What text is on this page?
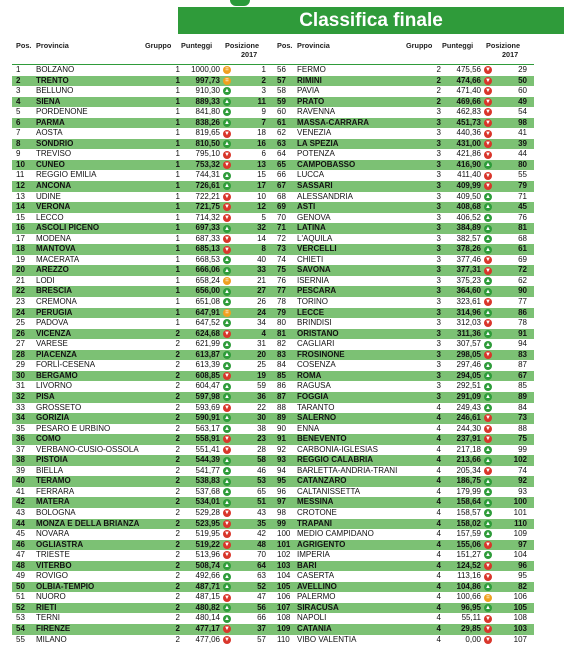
Classifica finale
Pos. Provincia	Gruppo Punteggi Posizione
2017
1	BOLZANO	1	1000,00 =	1
2	TRENTO	1	997,73 =	2
3	BELLUNO	1	910,30 ▲	3
4	SIENA	1	889,33 ▲	11
5	PORDENONE	1	841,80 ▲	9
6	PARMA	1	838,26 ▲	7
7	AOSTA	1	819,65 ▼	18
8	SONDRIO	1	810,50 ▲	16
9	TREVISO	1	795,10 ▼	6
10	CUNEO	1	753,32 ▼	13
11	REGGIO EMILIA	1	744,31 ▲	15
12	ANCONA	1	726,61 ▲	17
13	UDINE	1	722,21 ▼	10
14	VERONA	1	721,75 ▼	12
15	LECCO	1	714,32 ▼	5
16	ASCOLI PICENO	1	697,33 ▲	32
17	MODENA	1	687,33 ▼	14
18	MANTOVA	1	685,13 ▼	8
19	MACERATA	1	668,53 ▲	40
20	AREZZO	1	666,06 ▲	33
21	LODI	1	658,24 =	21
22	BRESCIA	1	656,00 ▲	27
23	CREMONA	1	651,08 ▲	26
24	PERUGIA	1	647,91 =	24
25	PADOVA	1	647,52 ▲	34
26	VICENZA	2	624,68 ▼	4
27	VARESE	2	621,99 ▲	31
28	PIACENZA	2	613,87 ▲	20
29	FORLÌ-CESENA	2	613,39 ▲	25
30	BERGAMO	2	608,85 ▼	19
31	LIVORNO	2	604,47 ▲	59
32	PISA	2	597,98 ▲	36
33	GROSSETO	2	593,69 ▼	22
34	GORIZIA	2	590,91 ▲	30
35	PESARO E URBINO	2	563,17 ▲	38
36	COMO	2	558,91 ▼	23
37	VERBANO-CUSIO-OSSOLA	2	551,41 ▼	28
38	PISTOIA	2	544,39 ▲	58
39	BIELLA	2	541,77 ▲	46
40	TERAMO	2	538,83 ▲	53
41	FERRARA	2	537,68 ▲	65
42	MATERA	2	534,01 ▲	51
43	BOLOGNA	2	529,28 ▼	43
44	MONZA E DELLA BRIANZA	2	523,95 ▼	35
45	NOVARA	2	519,95 ▼	42
46	OGLIASTRA	2	519,22 ▼	48
47	TRIESTE	2	513,96 ▼	70
48	VITERBO	2	508,74 ▲	64
49	ROVIGO	2	492,66 ▲	63
50	OLBIA-TEMPIO	2	487,71 ▲	52
51	NUORO	2	487,15 ▼	47
52	RIETI	2	480,82 ▲	56
53	TERNI	2	480,14 ▲	66
54	FIRENZE	2	477,17 ▼	37
55	MILANO	2	477,06 ▼	57
Pos. Provincia	Gruppo Punteggi Posizione
2017
56	FERMO	2	475,56 ▼	29
57	RIMINI	2	474,66 ▼	50
58	PAVIA	2	471,40 ▼	60
59	PRATO	2	469,66 ▼	49
60	RAVENNA	3	462,83 ▼	54
61	MASSA-CARRARA	3	451,73 ▼	98
62	VENEZIA	3	440,36 ▼	41
63	LA SPEZIA	3	431,00 ▼	39
64	POTENZA	3	421,86 ▼	44
65	CAMPOBASSO	3	416,90 ▲	80
66	LUCCA	3	411,40 ▼	55
67	SASSARI	3	409,99 ▼	79
68	ALESSANDRIA	3	409,50 ▲	71
69	ASTI	3	408,68 ▲	45
70	GENOVA	3	406,52 ▲	76
71	LATINA	3	384,89 ▲	81
72	L'AQUILA	3	382,57 ▲	68
73	VERCELLI	3	378,26 ▲	61
74	CHIETI	3	377,46 ▼	69
75	SAVONA	3	377,31 ▼	72
76	ISERNIA	3	375,23 ▲	62
77	PESCARA	3	364,60 ▲	90
78	TORINO	3	323,61 ▼	77
79	LECCE	3	314,96 ▲	86
80	BRINDISI	3	312,03 ▼	78
81	ORISTANO	3	311,36 ▲	91
82	CAGLIARI	3	307,57 ▲	94
83	FROSINONE	3	298,05 ▼	83
84	COSENZA	3	297,46 ▲	87
85	ROMA	3	294,05 ▲	67
86	RAGUSA	3	292,51 ▲	85
87	FOGGIA	3	291,09 ▲	89
88	TARANTO	4	249,43 ▲	84
89	SALERNO	4	246,61 ▼	73
90	ENNA	4	244,30 ▼	88
91	BENEVENTO	4	237,91 ▼	75
92	CARBONIA-IGLESIAS	4	217,18 ▲	99
93	REGGIO CALABRIA	4	213,66 ▲	102
94	BARLETTA-ANDRIA-TRANI	4	205,34 ▼	74
95	CATANZARO	4	186,75 ▲	92
96	CALTANISSETTA	4	179,99 ▲	93
97	MESSINA	4	158,64 ▲	100
98	CROTONE	4	158,57 ▲	101
99	TRAPANI	4	158,02 ▲	110
100 MEDIO CAMPIDANO	4	157,59 ▲	109
101 AGRIGENTO	4	155,06 ▼	97
102 IMPERIA	4	151,27 ▲	104
103 BARI	4	124,52 ▼	96
104 CASERTA	4	113,16 ▼	95
105 AVELLINO	4	104,86 ▲	82
106 PALERMO	4	100,66 =	106
107 SIRACUSA	4	96,95 ▲	105
108 NAPOLI	4	55,11 ▼	108
109 CATANIA	4	29,85 ▼	103
110 VIBO VALENTIA	4	0,00 ▼	107
